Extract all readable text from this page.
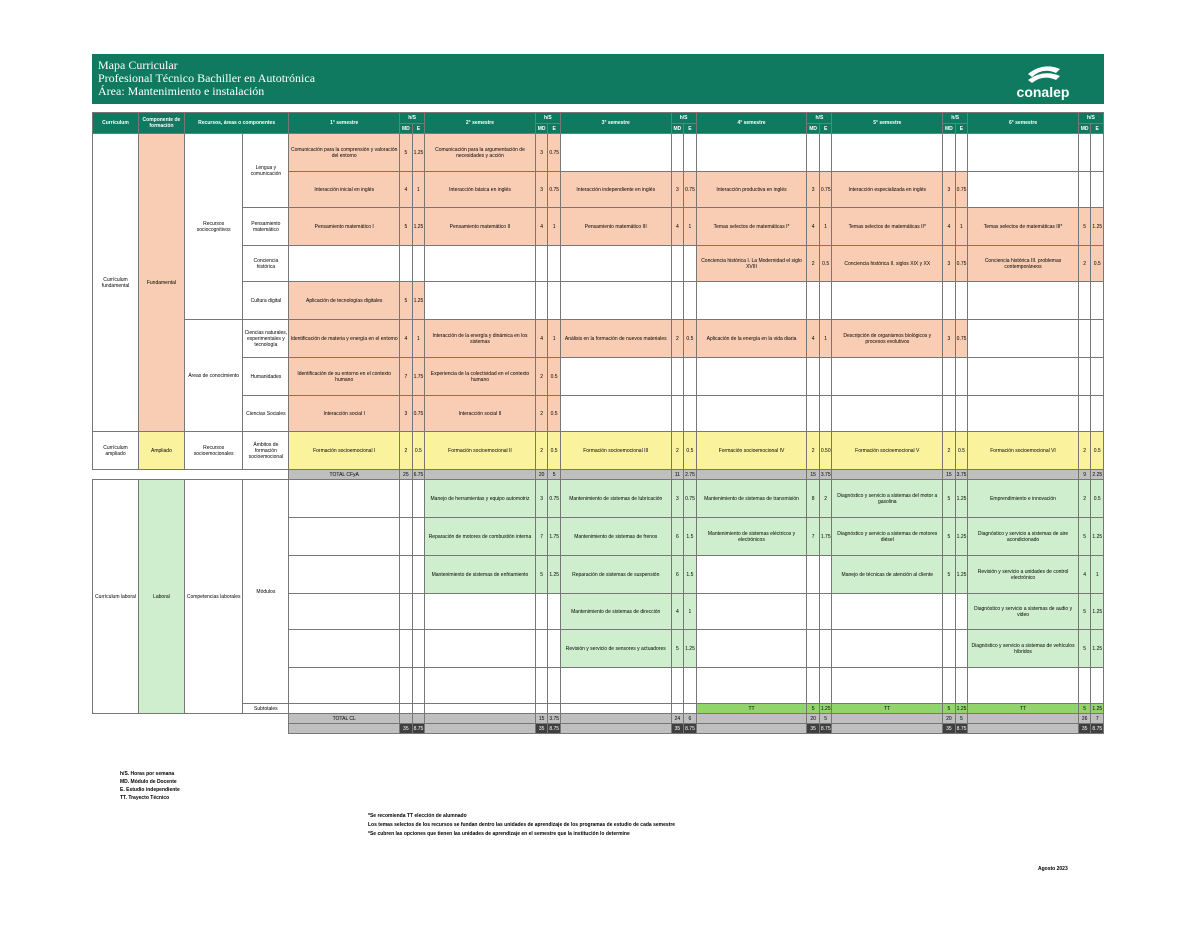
Mapa Curricular
Profesional Técnico Bachiller en Autotrónica
Área: Mantenimiento e instalación	conalep
Currículum	Componente de formación	Recursos, áreas o componentes		1° semestre	h/S		2° semestre	h/S		3° semestre	h/S		4° semestre	h/S		5° semestre	h/S		6° semestre	h/S	
					MD	E		MD	E		MD	E		MD	E		MD	E		MD	E
Currículum fundamental	Fundamental	Recursos sociocognitivos	Lengua y comunicación	Comunicación para la comprensión y valoración del entorno	5	1.25	Comunicación para la argumentación de necesidades y acción	3	0.75												
				Interacción inicial en inglés	4	1	Interacción básica en inglés	3	0.75	Interacción independiente en inglés	3	0.75	Interacción productiva en inglés	3	0.75	Interacción especializada en inglés	3	0.75			
			Pensamiento matemático	Pensamiento matemático I	5	1.25	Pensamiento matemático II	4	1	Pensamiento matemático III	4	1	Temas selectos de matemáticas I*	4	1	Temas selectos de matemáticas II*	4	1	Temas selectos de matemáticas III*	5	1.25
			Conciencia histórica										Conciencia histórica I. La Modernidad el siglo XVIII	2	0.5	Conciencia histórica II. siglos XIX y XX	3	0.75	Conciencia histórica III. problemas contemporáneos	2	0.5
			Cultura digital	Aplicación de tecnologías digitales	5	1.25															
		Áreas de conocimiento	Ciencias naturales, experimentales y tecnología	Identificación de materia y energía en el entorno	4	1	Interacción de la energía y dinámica en los sistemas	4	1	Análisis en la formación de nuevos materiales	2	0.5	Aplicación de la energía en la vida diaria	4	1	Descripción de organismos biológicos y procesos evolutivos	3	0.75			
			Humanidades	Identificación de su entorno en el contexto humano	7	1.75	Experiencia de la colectividad en el contexto humano	2	0.5												
			Ciencias Sociales	Interacción social I	3	0.75	Interacción social II	2	0.5												
Currículum ampliado	Ampliado	Recursos socioemocionales	Ámbitos de formación socioemocional	Formación socioemocional I	2	0.5	Formación socioemocional II	2	0.5	Formación socioemocional III	2	0.5	Formación socioemocional IV	2	0.50	Formación socioemocional V	2	0.5	Formación socioemocional VI	2	0.5
				TOTAL CFyA	25	6.75		20	5		11	2.75		15	3.75		15	3.75		9	2.25
Currículum laboral	Laboral	Competencias laborales	Módulos				Manejo de herramientas y equipo automotriz	3	0.75	Mantenimiento de sistemas de lubricación	3	0.75	Mantenimiento de sistemas de transmisión	8	2	Diagnóstico y servicio a sistemas del motor a gasolina	5	1.25	Emprendimiento e innovación	2	0.5
							Reparación de motores de combustión interna	7	1.75	Mantenimiento de sistemas de frenos	6	1.5	Mantenimiento de sistemas eléctricos y electrónicos	7	1.75	Diagnóstico y servicio a sistemas de motores diésel	5	1.25	Diagnóstico y servicio a sistemas de aire acondicionado	5	1.25
							Mantenimiento de sistemas de enfriamiento	5	1.25	Reparación de sistemas de suspensión	6	1.5				Manejo de técnicas de atención al cliente	5	1.25	Revisión y servicio a unidades de control electrónico	4	1
										Mantenimiento de sistemas de dirección	4	1							Diagnóstico y servicio a sistemas de audio y video	5	1.25
										Revisión y servicio de sensores y actuadores	5	1.25							Diagnóstico y servicio a sistemas de vehículos híbridos	5	1.25

			Subtotales										TT	5	1.25	TT	5	1.25	TT	5	1.25
				TOTAL CL				15	3.75		24	6		20	5		20	5		26	7
					35	8.75		35	8.75		35	8.75		35	8.75		35	8.75		35	8.75
h/S. Horas por semana
MD. Módulo de Docente
E. Estudio independiente
TT. Trayecto Técnico
*Se recomienda TT elección de alumnado
Los temas selectos de los recursos se fundan dentro las unidades de aprendizaje de los programas de estudio de cada semestre
*Se cubren las opciones que tienen las unidades de aprendizaje en el semestre que la institución lo determine
Agosto 2023
